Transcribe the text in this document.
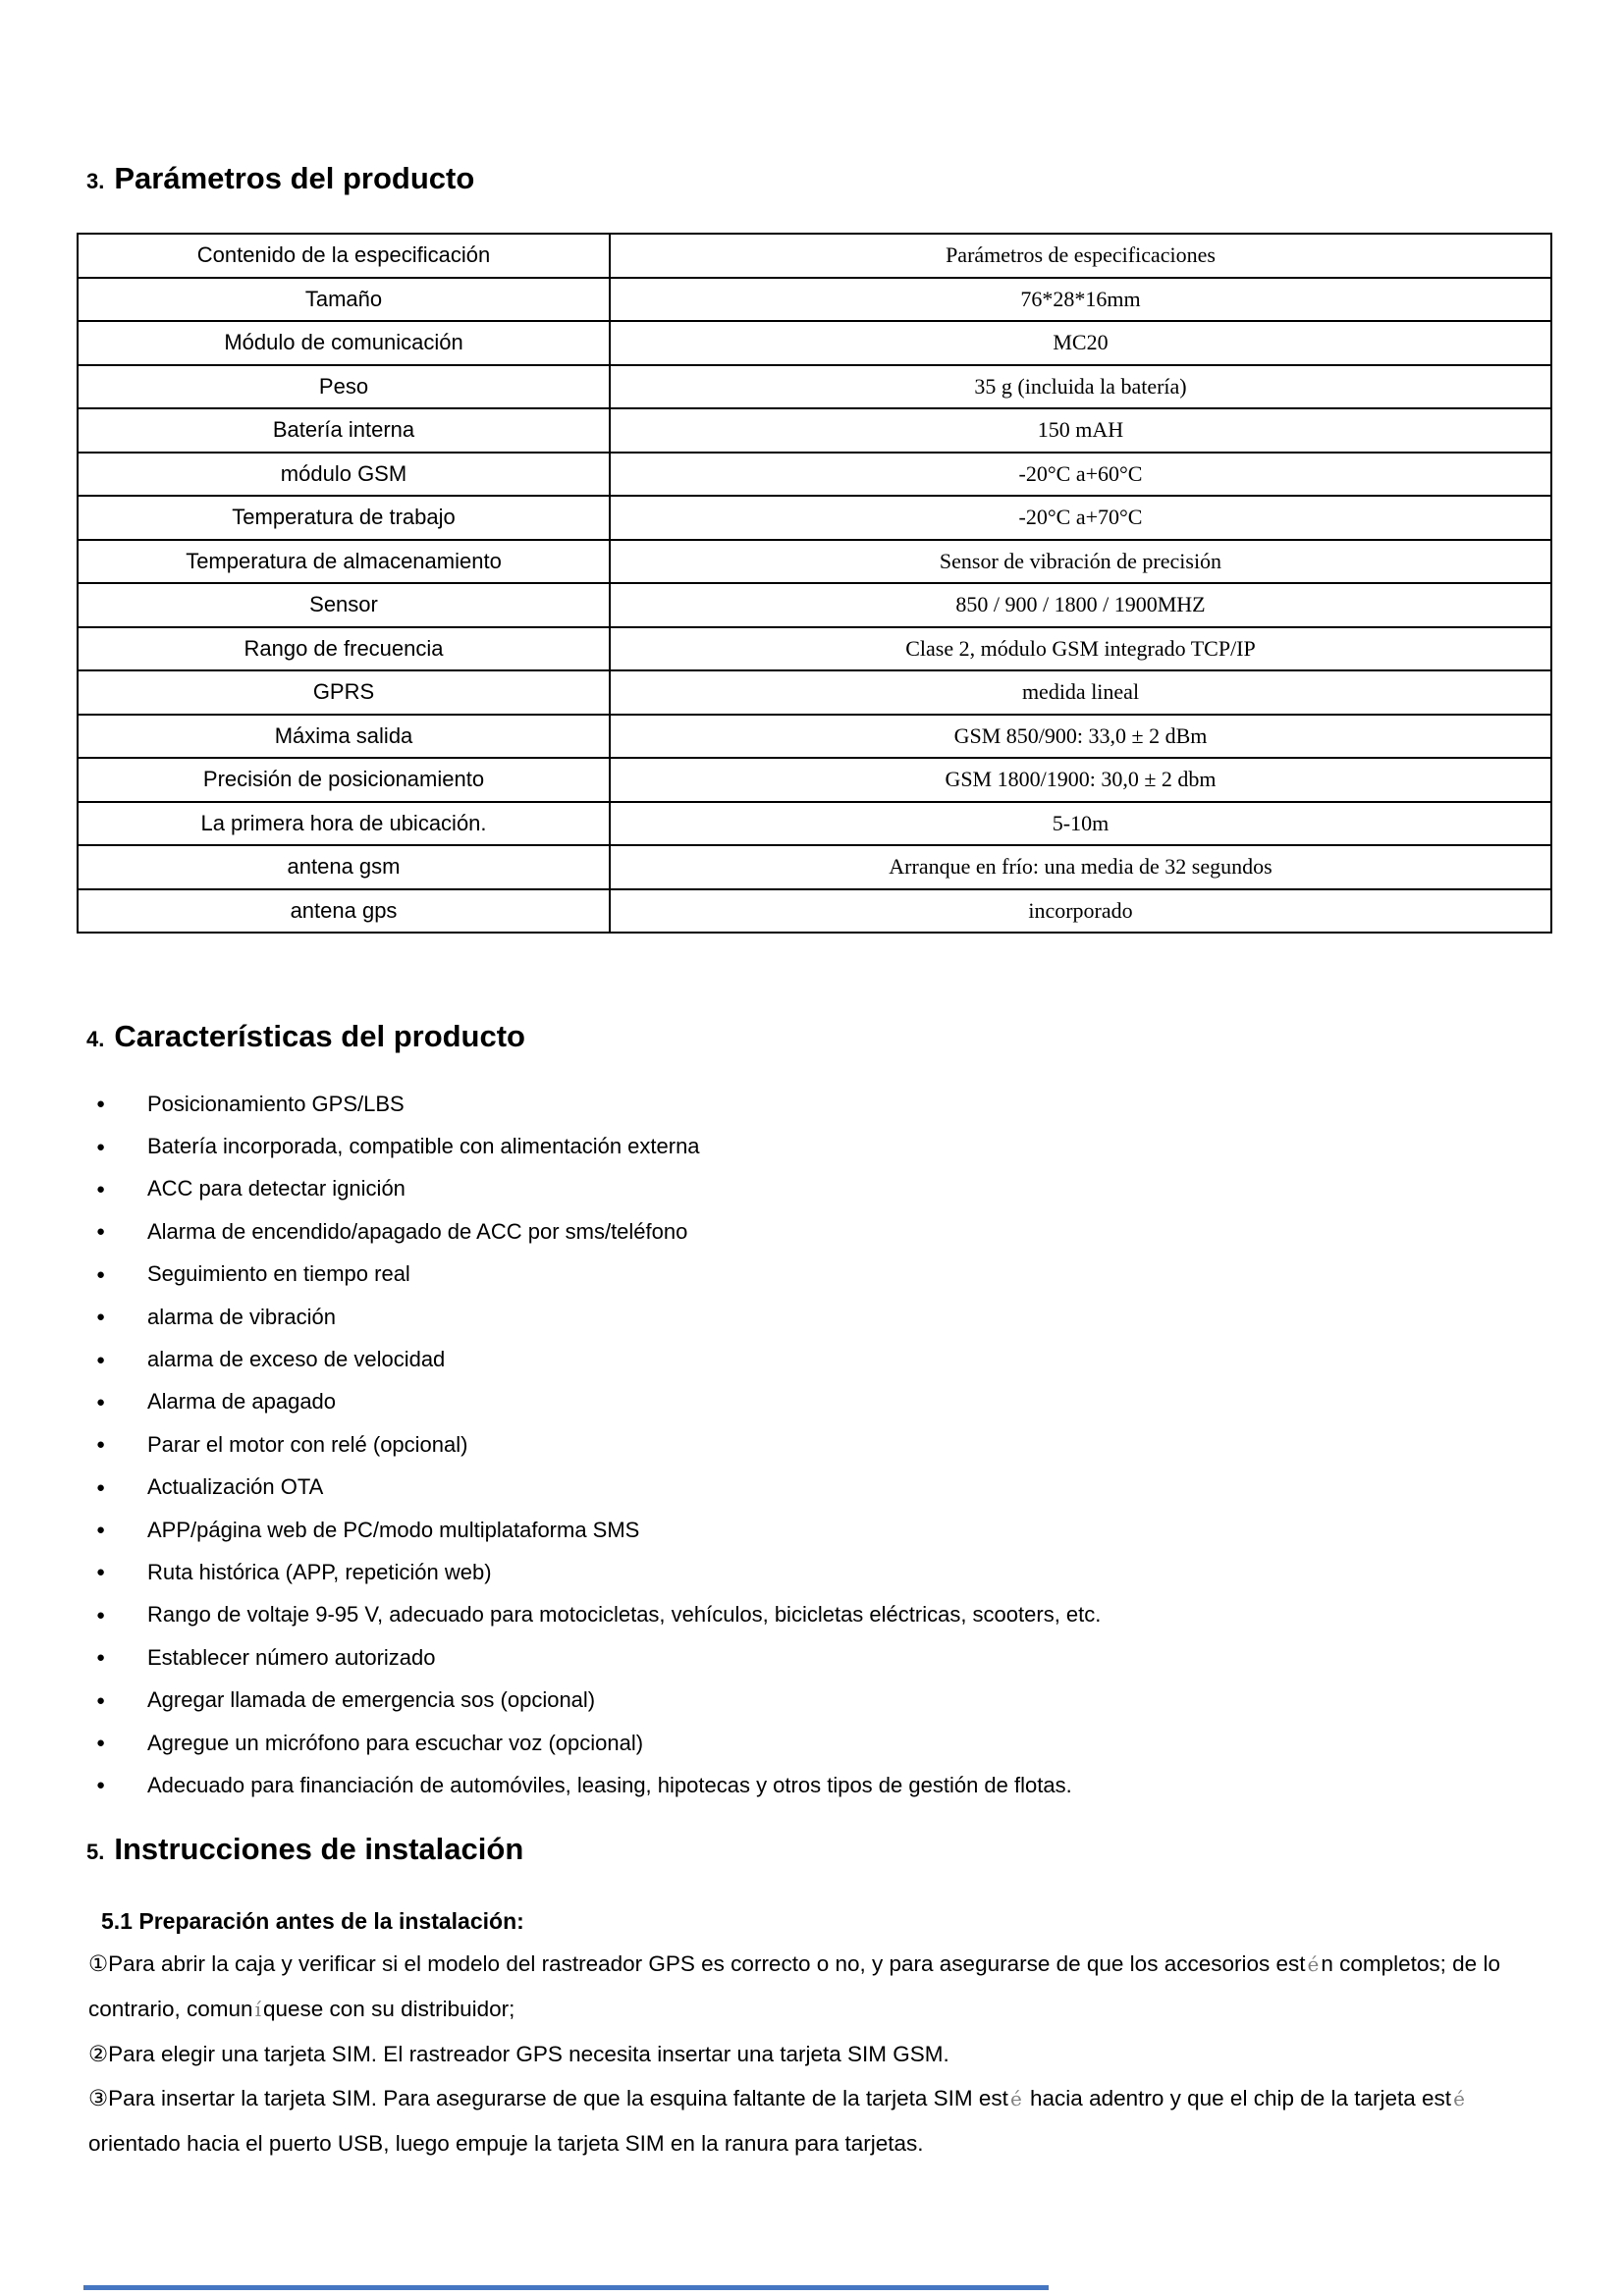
3. Parámetros del producto
Contenido de la especificación	Parámetros de especificaciones
Tamaño	76*28*16mm
Módulo de comunicación	MC20
Peso	35 g (incluida la batería)
Batería interna	150 mAH
módulo GSM	-20°C a+60°C
Temperatura de trabajo	-20°C a+70°C
Temperatura de almacenamiento	Sensor de vibración de precisión
Sensor	850 / 900 / 1800 / 1900MHZ
Rango de frecuencia	Clase 2, módulo GSM integrado TCP/IP
GPRS	medida lineal
Máxima salida	GSM 850/900: 33,0 ± 2 dBm
Precisión de posicionamiento	GSM 1800/1900: 30,0 ± 2 dbm
La primera hora de ubicación.	5-10m
antena gsm	Arranque en frío: una media de 32 segundos
antena gps	incorporado
4. Características del producto
●	Posicionamiento GPS/LBS
●	Batería incorporada, compatible con alimentación externa
●	ACC para detectar ignición
●	Alarma de encendido/apagado de ACC por sms/teléfono
●	Seguimiento en tiempo real
●	alarma de vibración
●	alarma de exceso de velocidad
●	Alarma de apagado
●	Parar el motor con relé (opcional)
●	Actualización OTA
●	APP/página web de PC/modo multiplataforma SMS
●	Ruta histórica (APP, repetición web)
●	Rango de voltaje 9-95 V, adecuado para motocicletas, vehículos, bicicletas eléctricas, scooters, etc.
●	Establecer número autorizado
●	Agregar llamada de emergencia sos (opcional)
●	Agregue un micrófono para escuchar voz (opcional)
●	Adecuado para financiación de automóviles, leasing, hipotecas y otros tipos de gestión de flotas.
5. Instrucciones de instalación
5.1 Preparación antes de la instalación:

①Para abrir la caja y verificar si el modelo del rastreador GPS es correcto o no, y para asegurarse de que los accesorios est én completos; de lo contrario, comun íquese con su distribuidor;

②Para elegir una tarjeta SIM. El rastreador GPS necesita insertar una tarjeta SIM GSM.

③Para insertar la tarjeta SIM. Para asegurarse de que la esquina faltante de la tarjeta SIM est é hacia adentro y que el chip de la tarjeta est é orientado hacia el puerto USB, luego empuje la tarjeta SIM en la ranura para tarjetas.
